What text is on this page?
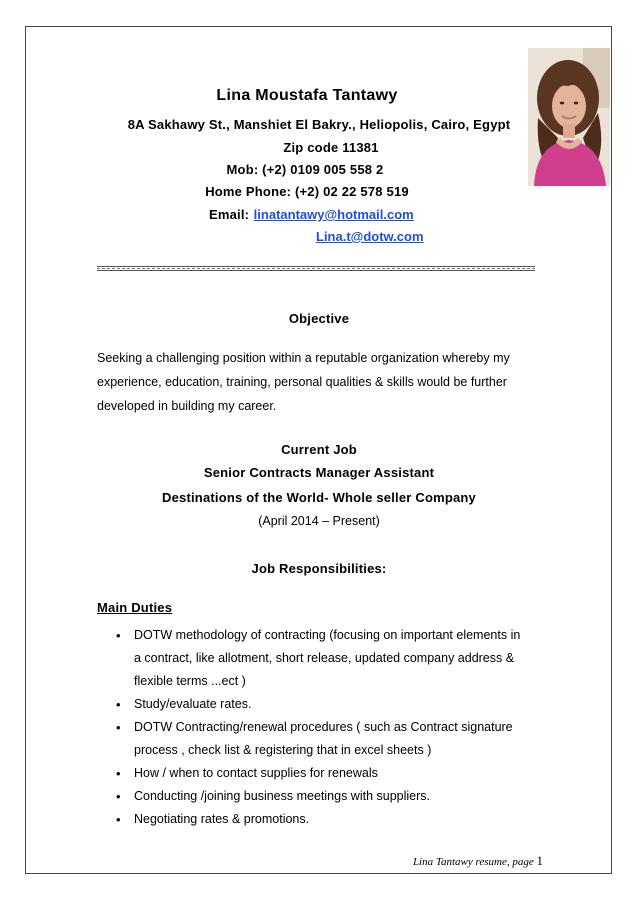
Lina Moustafa Tantawy
8A Sakhawy St., Manshiet El Bakry., Heliopolis, Cairo, Egypt
Zip code 11381
Mob: (+2) 0109 005 558 2
Home Phone: (+2) 02 22 578 519
Email: linatantawy@hotmail.com
Lina.t@dotw.com
Objective
Seeking a challenging position within a reputable organization whereby my
experience, education, training, personal qualities & skills would be further
developed in building my career.
Current Job
Senior Contracts Manager Assistant
Destinations of the World- Whole seller Company
(April 2014 – Present)
Job Responsibilities:
Main Duties
• DOTW methodology of contracting (focusing on important elements in
a contract, like allotment, short release, updated company address &
flexible terms ...ect )
• Study/evaluate rates.
• DOTW Contracting/renewal procedures ( such as Contract signature
process , check list & registering that in excel sheets )
• How / when to contact supplies for renewals
• Conducting /joining business meetings with suppliers.
• Negotiating rates & promotions.
Lina Tantawy resume, page 1
